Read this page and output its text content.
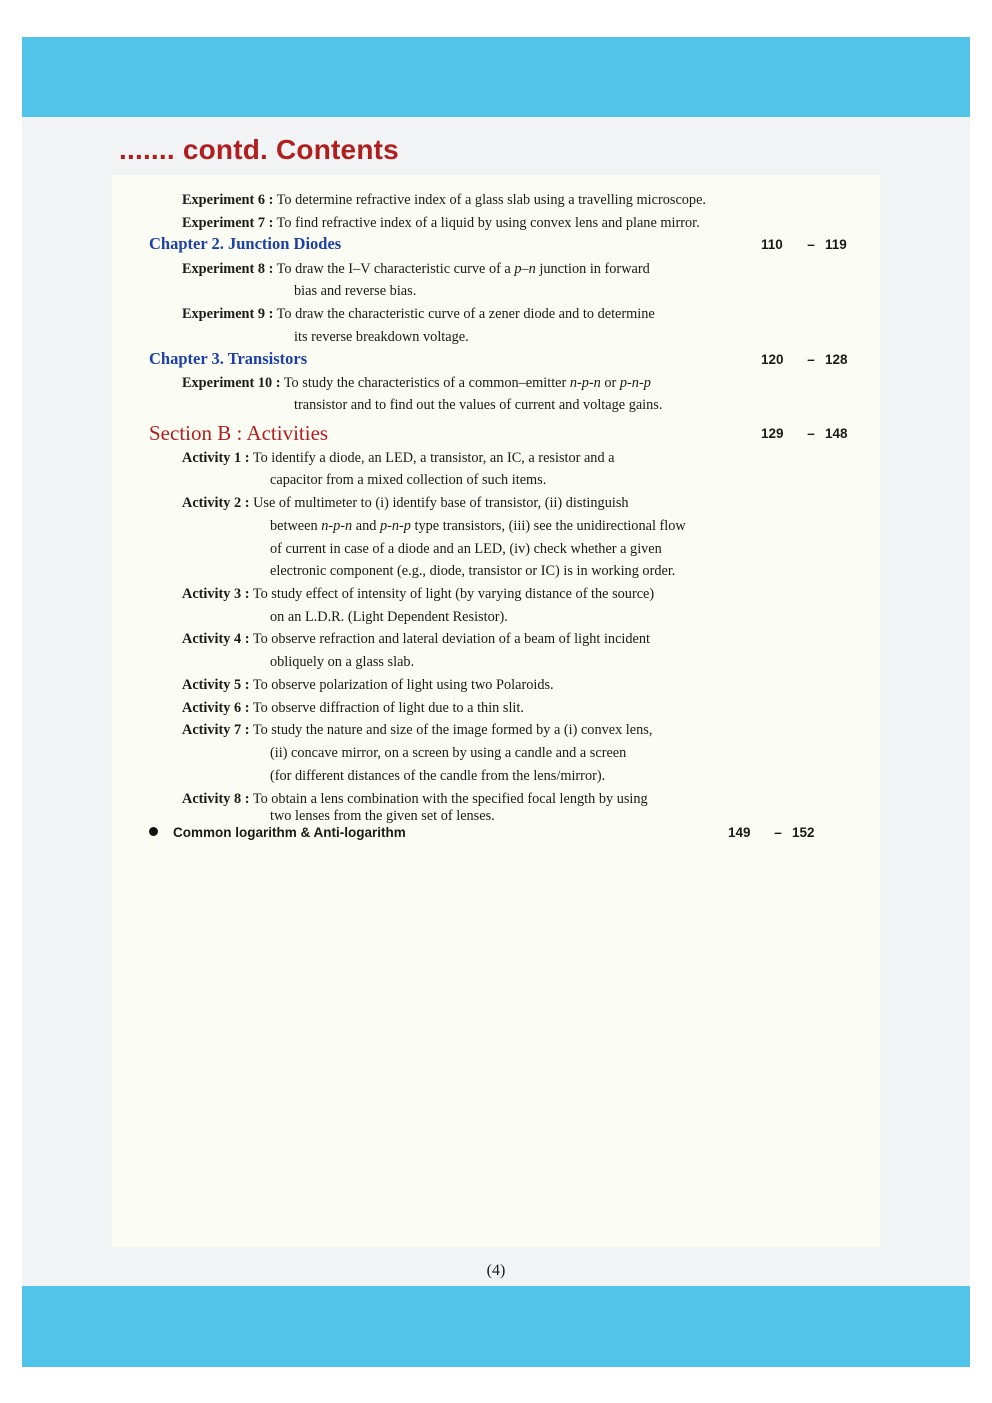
....... contd. Contents
Experiment 6 : To determine refractive index of a glass slab using a travelling microscope.
Experiment 7 : To find refractive index of a liquid by using convex lens and plane mirror.
Chapter 2. Junction Diodes	110 – 119
Experiment 8 : To draw the I–V characteristic curve of a p–n junction in forward
bias and reverse bias.
Experiment 9 : To draw the characteristic curve of a zener diode and to determine
its reverse breakdown voltage.
Chapter 3. Transistors	120 – 128
Experiment 10 : To study the characteristics of a common–emitter n-p-n or p-n-p
transistor and to find out the values of current and voltage gains.
Section B : Activities	129 – 148
Activity 1 : To identify a diode, an LED, a transistor, an IC, a resistor and a
capacitor from a mixed collection of such items.
Activity 2 : Use of multimeter to (i) identify base of transistor, (ii) distinguish
between n-p-n and p-n-p type transistors, (iii) see the unidirectional flow
of current in case of a diode and an LED, (iv) check whether a given
electronic component (e.g., diode, transistor or IC) is in working order.
Activity 3 : To study effect of intensity of light (by varying distance of the source)
on an L.D.R. (Light Dependent Resistor).
Activity 4 : To observe refraction and lateral deviation of a beam of light incident
obliquely on a glass slab.
Activity 5 : To observe polarization of light using two Polaroids.
Activity 6 : To observe diffraction of light due to a thin slit.
Activity 7 : To study the nature and size of the image formed by a (i) convex lens,
(ii) concave mirror, on a screen by using a candle and a screen
(for different distances of the candle from the lens/mirror).
Activity 8 : To obtain a lens combination with the specified focal length by using
two lenses from the given set of lenses.
Common logarithm & Anti-logarithm	149 – 152
(4)
